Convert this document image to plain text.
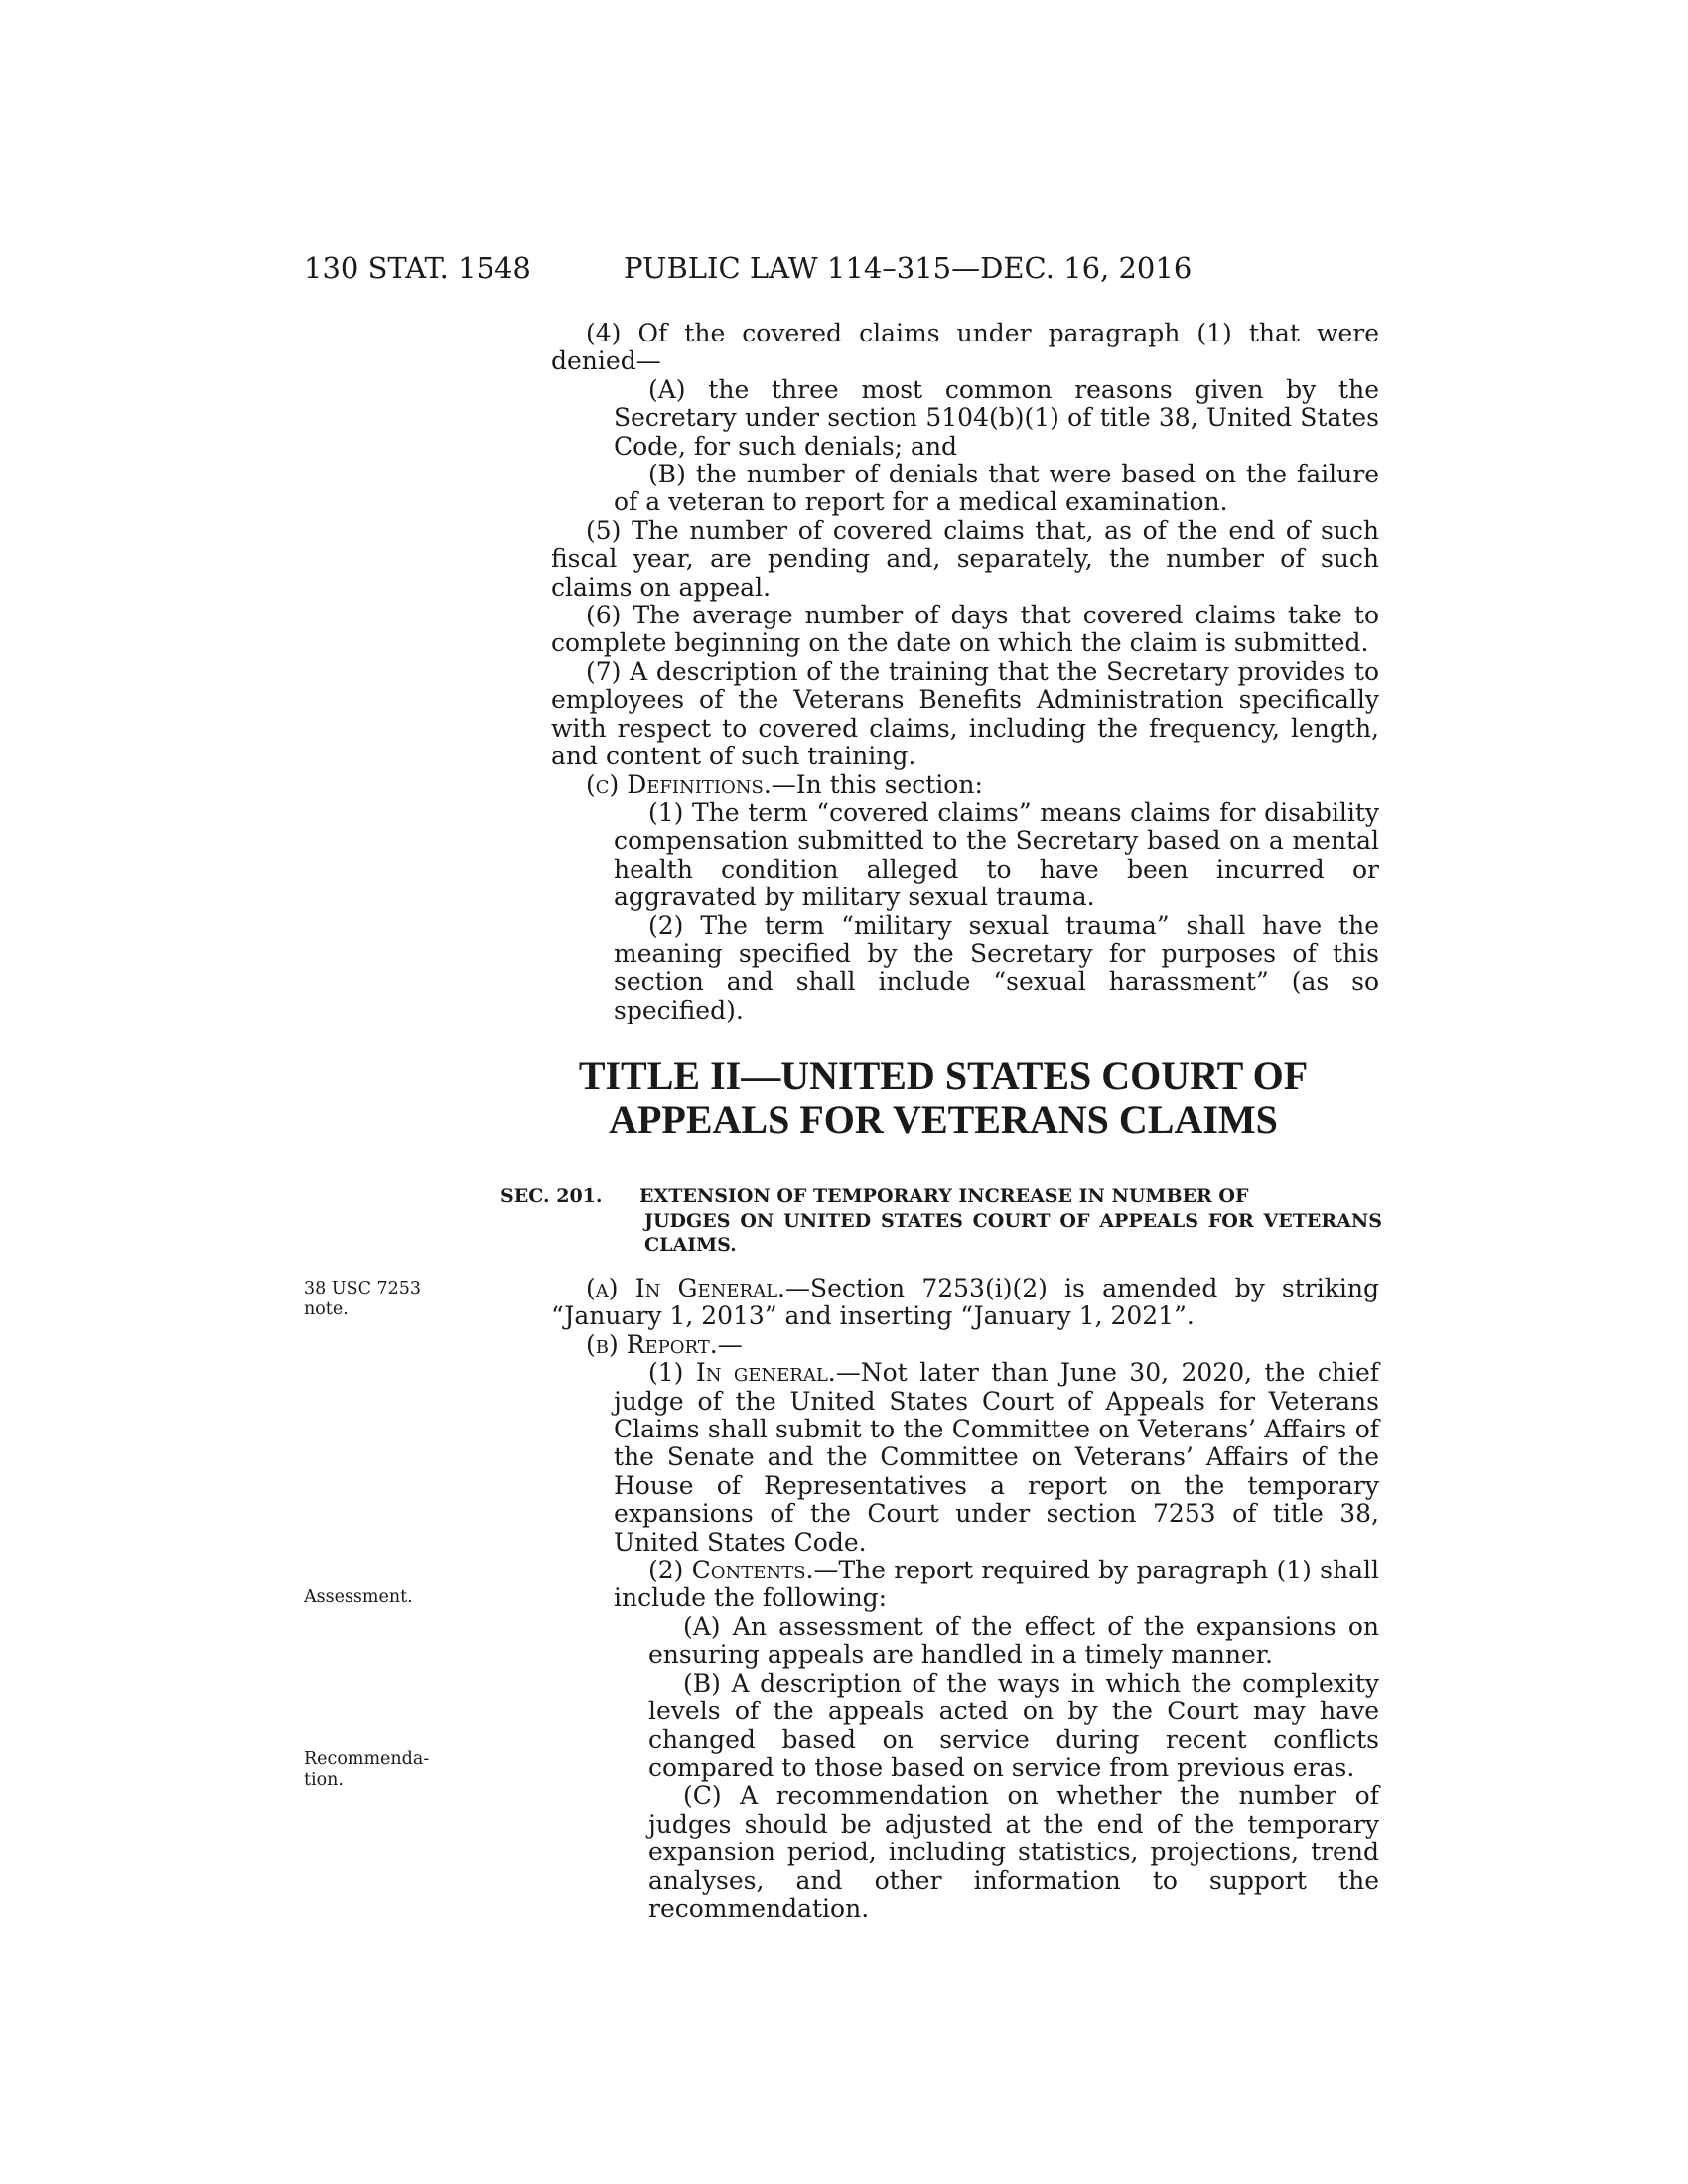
130 STAT. 1548	PUBLIC LAW 114–315—DEC. 16, 2016

(4) Of the covered claims under paragraph (1) that were denied—

(A) the three most common reasons given by the Secretary under section 5104(b)(1) of title 38, United States Code, for such denials; and

(B) the number of denials that were based on the failure of a veteran to report for a medical examination.

(5) The number of covered claims that, as of the end of such fiscal year, are pending and, separately, the number of such claims on appeal.

(6) The average number of days that covered claims take to complete beginning on the date on which the claim is submitted.

(7) A description of the training that the Secretary provides to employees of the Veterans Benefits Administration specifically with respect to covered claims, including the frequency, length, and content of such training.

(c) Definitions.—In this section:

(1) The term “covered claims” means claims for disability compensation submitted to the Secretary based on a mental health condition alleged to have been incurred or aggravated by military sexual trauma.

(2) The term “military sexual trauma” shall have the meaning specified by the Secretary for purposes of this section and shall include “sexual harassment” (as so specified).

TITLE II—UNITED STATES COURT OF

APPEALS FOR VETERANS CLAIMS

SEC. 201. EXTENSION OF TEMPORARY INCREASE IN NUMBER OF
JUDGES ON UNITED STATES COURT OF APPEALS FOR VETERANS CLAIMS.

(a) In General.—Section 7253(i)(2) is amended by striking “January 1, 2013” and inserting “January 1, 2021”.

(b) Report.—

(1) In general.—Not later than June 30, 2020, the chief judge of the United States Court of Appeals for Veterans Claims shall submit to the Committee on Veterans’ Affairs of the Senate and the Committee on Veterans’ Affairs of the House of Representatives a report on the temporary expansions of the Court under section 7253 of title 38, United States Code.

(2) Contents.—The report required by paragraph (1) shall include the following:

(A) An assessment of the effect of the expansions on ensuring appeals are handled in a timely manner.

(B) A description of the ways in which the complexity levels of the appeals acted on by the Court may have changed based on service during recent conflicts compared to those based on service from previous eras.

(C) A recommendation on whether the number of judges should be adjusted at the end of the temporary expansion period, including statistics, projections, trend analyses, and other information to support the recommendation.

38 USC 7253
note.
Assessment.
Recommenda-
tion.
